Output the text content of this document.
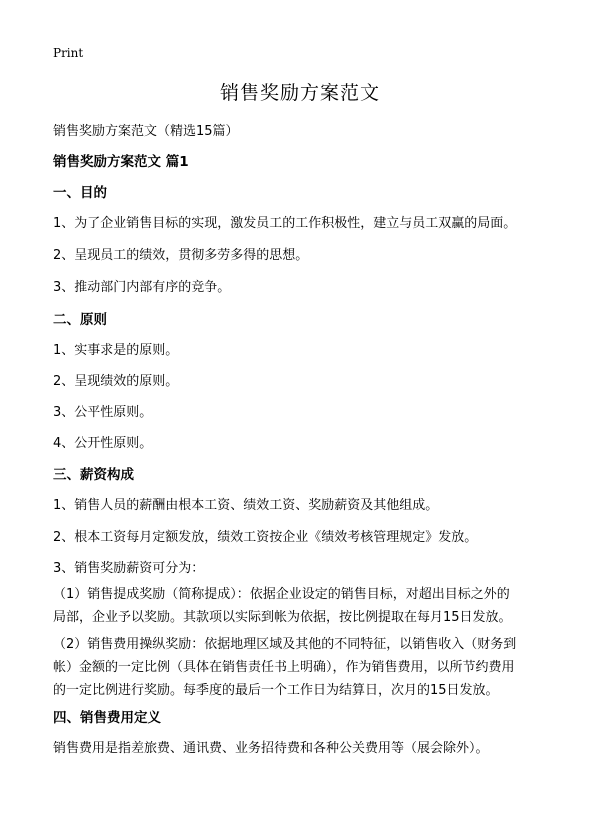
Print
销售奖励方案范文
销售奖励方案范文（精选15篇）
销售奖励方案范文 篇1
一、目的
1、为了企业销售目标的实现，激发员工的工作积极性，建立与员工双赢的局面。
2、呈现员工的绩效，贯彻多劳多得的思想。
3、推动部门内部有序的竞争。
二、原则
1、实事求是的原则。
2、呈现绩效的原则。
3、公平性原则。
4、公开性原则。
三、薪资构成
1、销售人员的薪酬由根本工资、绩效工资、奖励薪资及其他组成。
2、根本工资每月定额发放，绩效工资按企业《绩效考核管理规定》发放。
3、销售奖励薪资可分为：
（1）销售提成奖励（简称提成）：依据企业设定的销售目标，对超出目标之外的
局部，企业予以奖励。其款项以实际到帐为依据，按比例提取在每月15日发放。
（2）销售费用操纵奖励：依据地理区域及其他的不同特征，以销售收入（财务到
帐）金额的一定比例（具体在销售责任书上明确），作为销售费用，以所节约费用
的一定比例进行奖励。每季度的最后一个工作日为结算日，次月的15日发放。
四、销售费用定义
销售费用是指差旅费、通讯费、业务招待费和各种公关费用等（展会除外）。
